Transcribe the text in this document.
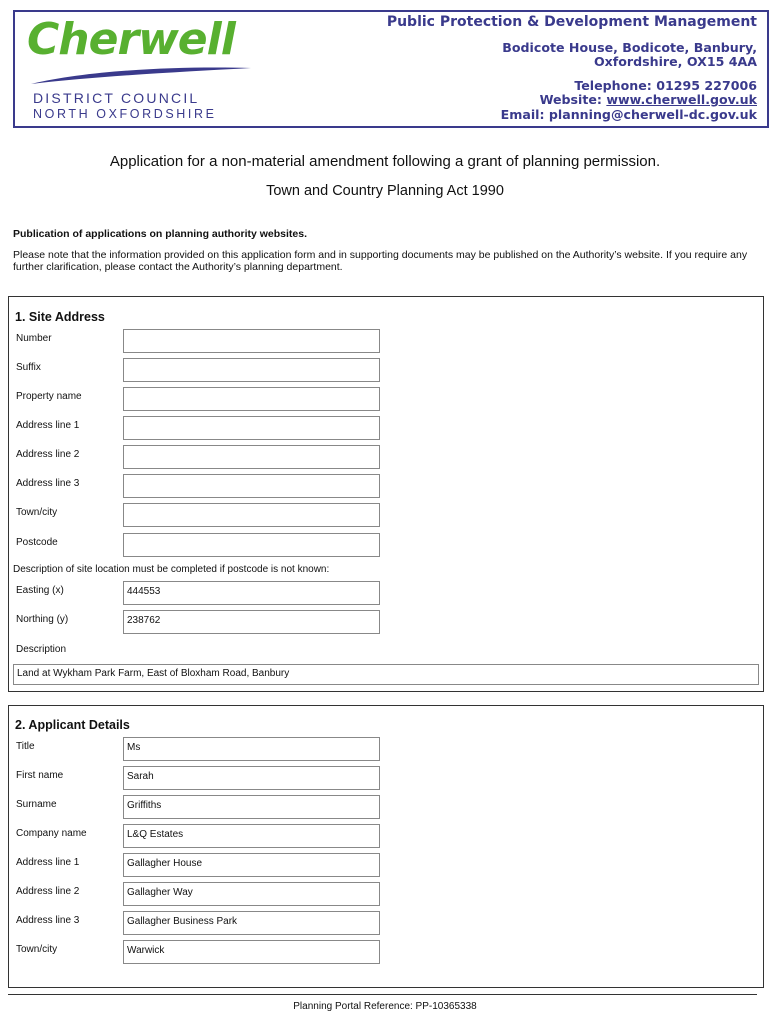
Cherwell
DISTRICT COUNCIL
NORTH OXFORDSHIRE
Public Protection & Development Management
Bodicote House, Bodicote, Banbury,
Oxfordshire, OX15 4AA
Telephone: 01295 227006
Website: www.cherwell.gov.uk
Email: planning@cherwell-dc.gov.uk
Application for a non-material amendment following a grant of planning permission.
Town and Country Planning Act 1990
Publication of applications on planning authority websites.
Please note that the information provided on this application form and in supporting documents may be published on the Authority’s website. If you require any further clarification, please contact the Authority’s planning department.
1. Site Address
Number
Suffix
Property name
Address line 1
Address line 2
Address line 3
Town/city
Postcode
Description of site location must be completed if postcode is not known:
Easting (x)	444553
Northing (y)	238762
Description
Land at Wykham Park Farm, East of Bloxham Road, Banbury
2. Applicant Details
Title	Ms
First name	Sarah
Surname	Griffiths
Company name	L&Q Estates
Address line 1	Gallagher House
Address line 2	Gallagher Way
Address line 3	Gallagher Business Park
Town/city	Warwick
Planning Portal Reference: PP-10365338
